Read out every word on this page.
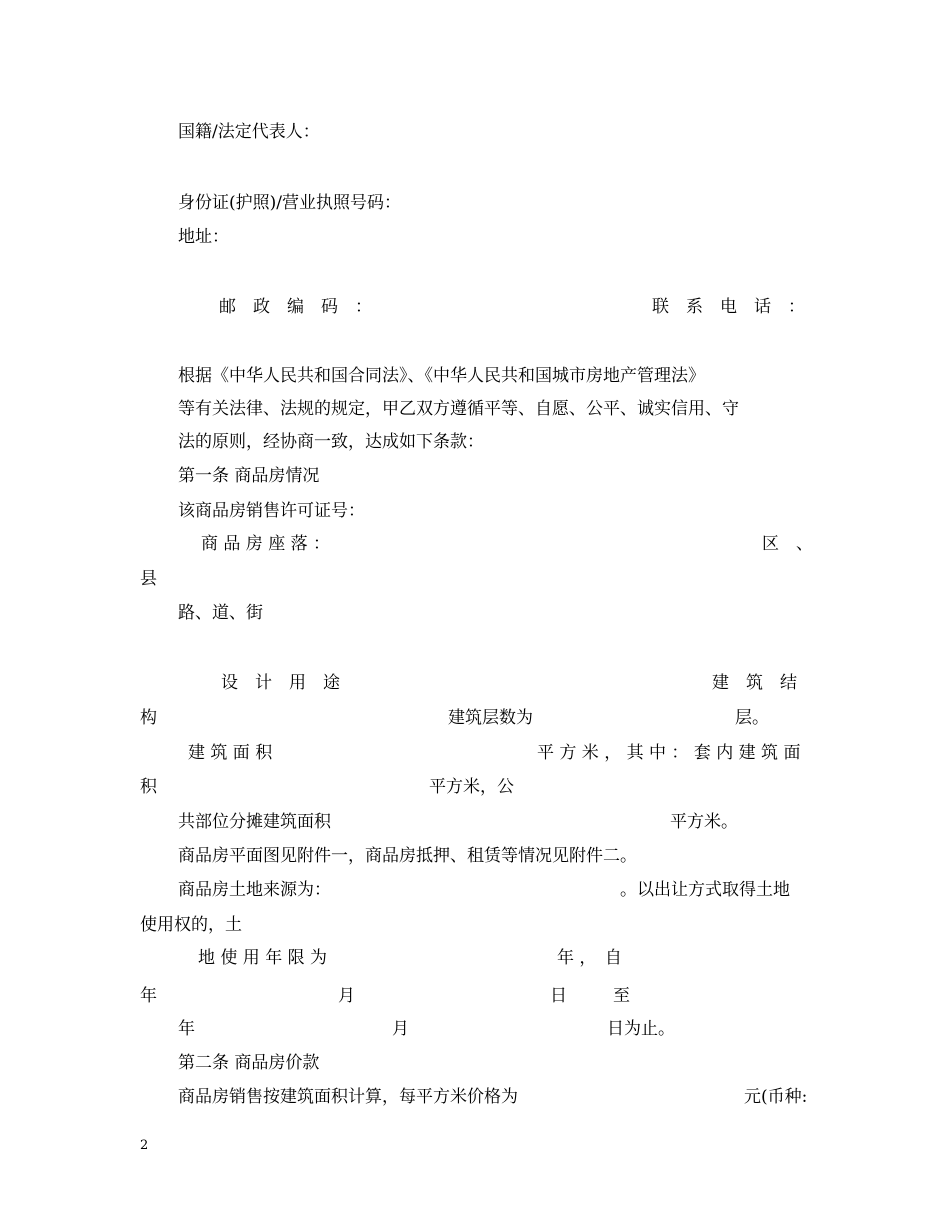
国籍/法定代表人：
身份证(护照)/营业执照号码：
地址：
邮　政　编　码　：	联　系　电　话　：
根据《中华人民共和国合同法》、《中华人民共和国城市房地产管理法》
等有关法律、法规的规定，甲乙双方遵循平等、自愿、公平、诚实信用、守
法的原则，经协商一致，达成如下条款：
第一条 商品房情况
该商品房销售许可证号：
商 品 房 座 落 ：	区　、
县
路、道、街
设　计　用　途	建　筑　结
构	建筑层数为	层。
建 筑 面 积	平 方 米 ， 其 中 ： 套 内 建 筑 面
积	平方米，公
共部位分摊建筑面积	平方米。
商品房平面图见附件一，商品房抵押、租赁等情况见附件二。
商品房土地来源为：	。以出让方式取得土地
使用权的，土
地 使 用 年 限 为	年 ，　自
年	月	日	至
年	月	日为止。
第二条 商品房价款
商品房销售按建筑面积计算，每平方米价格为	元(币种:
2
